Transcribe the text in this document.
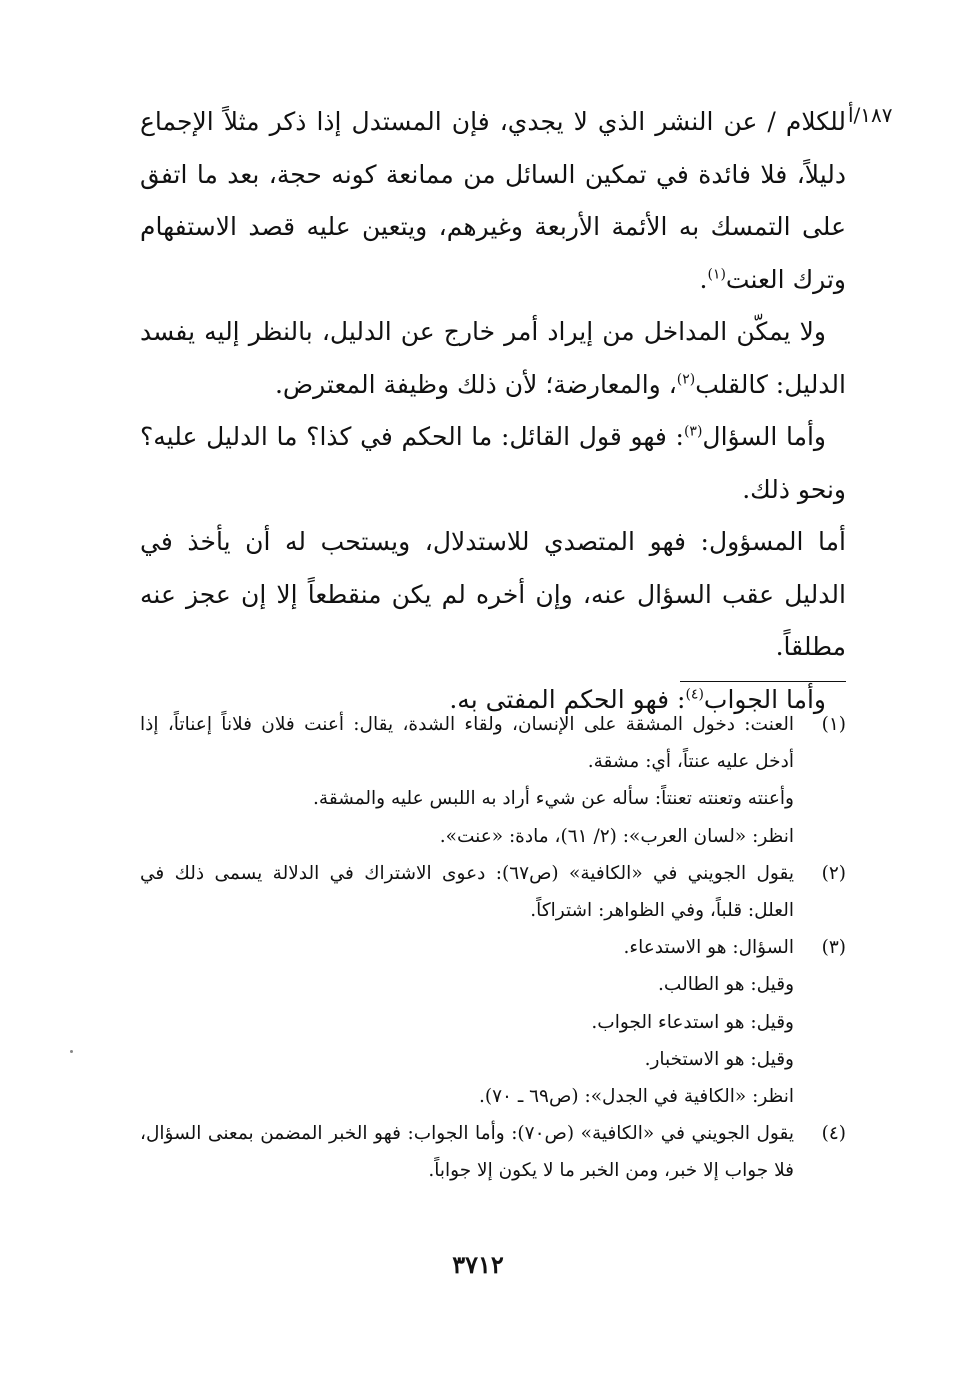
١٨٧/أ

للكلام / عن النشر الذي لا يجدي، فإن المستدل إذا ذكر مثلاً الإجماع دليلاً، فلا فائدة في تمكين السائل من ممانعة كونه حجة، بعد ما اتفق على التمسك به الأئمة الأربعة وغيرهم، ويتعين عليه قصد الاستفهام وترك العنت$^{(١)}$.

ولا يمكّن المداخل من إيراد أمر خارج عن الدليل، بالنظر إليه يفسد الدليل: كالقلب$^{(٢)}$، والمعارضة؛ لأن ذلك وظيفة المعترض.

وأما السؤال$^{(٣)}$: فهو قول القائل: ما الحكم في كذا؟ ما الدليل عليه؟ ونحو ذلك.

أما المسؤول: فهو المتصدي للاستدلال، ويستحب له أن يأخذ في الدليل عقب السؤال عنه، وإن أخره لم يكن منقطعاً إلا إن عجز عنه مطلقاً.

وأما الجواب$^{(٤)}$: فهو الحكم المفتى به.

(١)

العنت: دخول المشقة على الإنسان، ولقاء الشدة، يقال: أعنت فلان فلاناً إعناتاً، إذا أدخل عليه عنتاً، أي: مشقة.

وأعنته وتعنته تعنتاً: سأله عن شيء أراد به اللبس عليه والمشقة.

انظر: «لسان العرب»: (٢/ ٦١)، مادة: «عنت».

(٢)

يقول الجويني في «الكافية» (ص٦٧): دعوى الاشتراك في الدلالة يسمى ذلك في العلل: قلباً، وفي الظواهر: اشتراكاً.

(٣)

السؤال: هو الاستدعاء.

وقيل: هو الطالب.

وقيل: هو استدعاء الجواب.

وقيل: هو الاستخبار.

انظر: «الكافية في الجدل»: (ص٦٩ ـ ٧٠).

(٤)

يقول الجويني في «الكافية» (ص٧٠): وأما الجواب: فهو الخبر المضمن بمعنى السؤال، فلا جواب إلا خبر، ومن الخبر ما لا يكون إلا جواباً.

٣٧١٢
